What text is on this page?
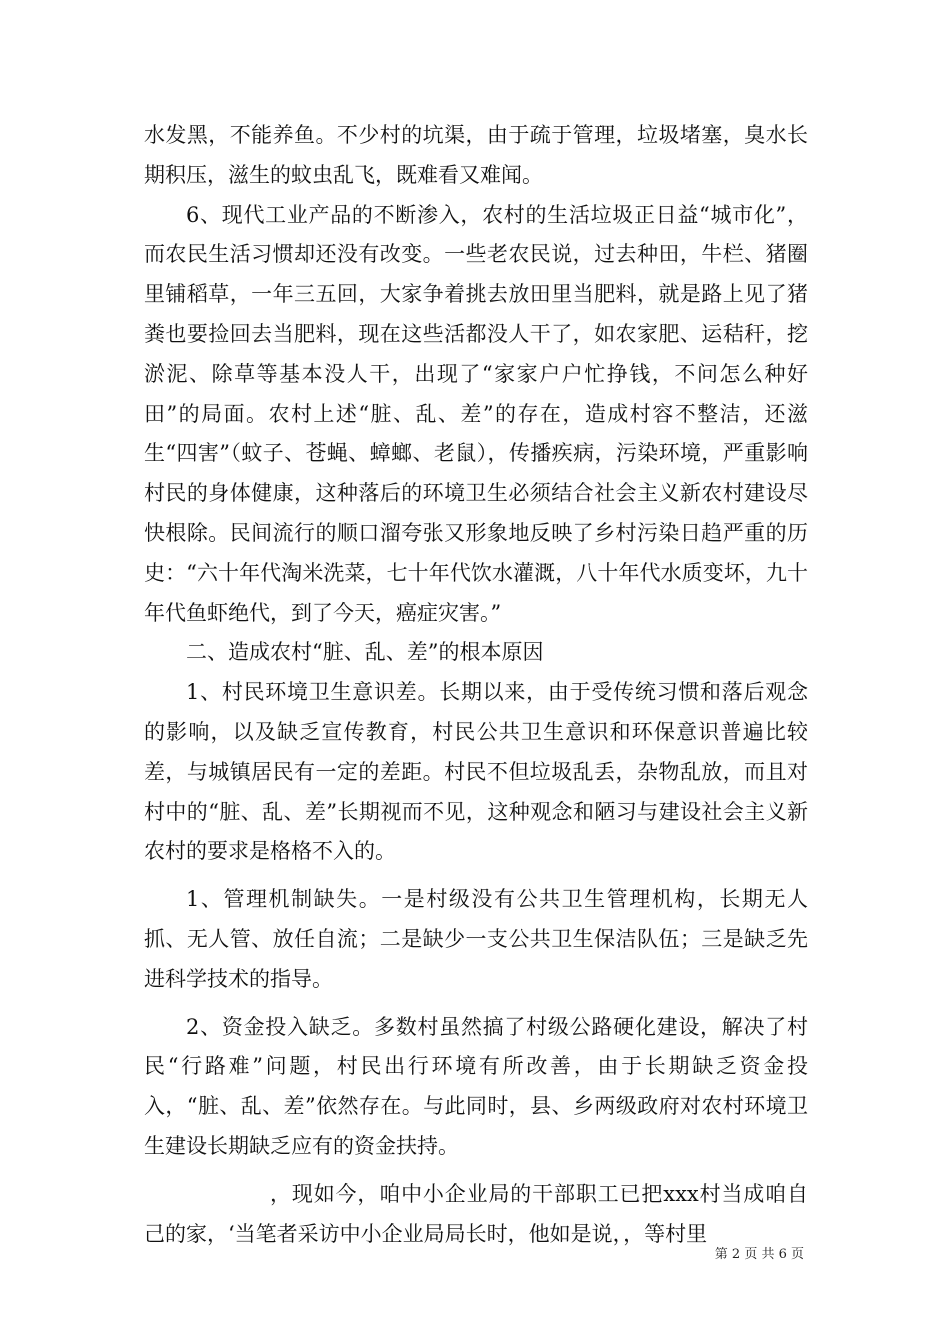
水发黑，不能养鱼。不少村的坑渠，由于疏于管理，垃圾堵塞，臭水长期积压，滋生的蚊虫乱飞，既难看又难闻。

6、现代工业产品的不断渗入，农村的生活垃圾正日益“城市化”，而农民生活习惯却还没有改变。一些老农民说，过去种田，牛栏、猪圈里铺稻草，一年三五回，大家争着挑去放田里当肥料，就是路上见了猪粪也要捡回去当肥料，现在这些活都没人干了，如农家肥、运秸秆，挖淤泥、除草等基本没人干，出现了“家家户户忙挣钱，不问怎么种好田”的局面。农村上述“脏、乱、差”的存在，造成村容不整洁，还滋生“四害”（蚊子、苍蝇、蟑螂、老鼠），传播疾病，污染环境，严重影响村民的身体健康，这种落后的环境卫生必须结合社会主义新农村建设尽快根除。民间流行的顺口溜夸张又形象地反映了乡村污染日趋严重的历史：“六十年代淘米洗菜，七十年代饮水灌溉，八十年代水质变坏，九十年代鱼虾绝代，到了今天，癌症灾害。”

二、造成农村“脏、乱、差”的根本原因

1、村民环境卫生意识差。长期以来，由于受传统习惯和落后观念的影响，以及缺乏宣传教育，村民公共卫生意识和环保意识普遍比较差，与城镇居民有一定的差距。村民不但垃圾乱丢，杂物乱放，而且对村中的“脏、乱、差”长期视而不见，这种观念和陋习与建设社会主义新农村的要求是格格不入的。

1、管理机制缺失。一是村级没有公共卫生管理机构，长期无人抓、无人管、放任自流；二是缺少一支公共卫生保洁队伍；三是缺乏先进科学技术的指导。

2、资金投入缺乏。多数村虽然搞了村级公路硬化建设，解决了村民“行路难”问题，村民出行环境有所改善，由于长期缺乏资金投入，“脏、乱、差”依然存在。与此同时，县、乡两级政府对农村环境卫生建设长期缺乏应有的资金扶持。

，现如今，咱中小企业局的干部职工已把xxx村当成咱自己的家，‘当笔者采访中小企业局局长时，他如是说，，等村里

第 2 页 共 6 页
